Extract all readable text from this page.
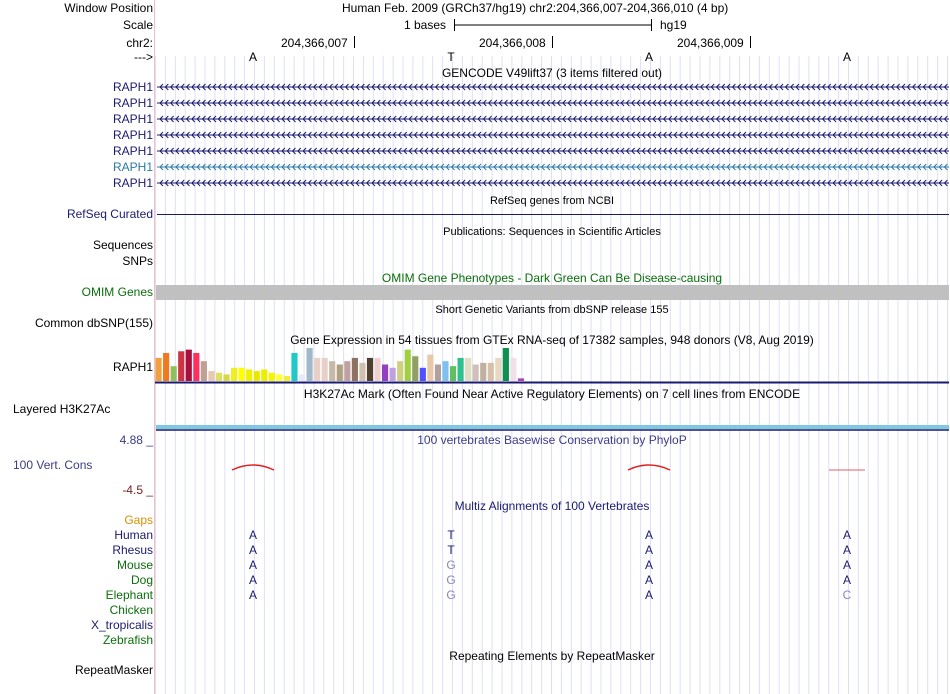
Window Position	Human Feb. 2009 (GRCh37/hg19) chr2:204,366,007-204,366,010 (4 bp)
Scale	1 bases	hg19
chr2:	204,366,007	204,366,008	204,366,009
--->	A	T	A	A
GENCODE V49lift37 (3 items filtered out)
RAPH1
RAPH1
RAPH1
RAPH1
RAPH1
RAPH1
RAPH1
RefSeq genes from NCBI
RefSeq Curated
Publications: Sequences in Scientific Articles
Sequences
SNPs
OMIM Gene Phenotypes - Dark Green Can Be Disease-causing
OMIM Genes
Short Genetic Variants from dbSNP release 155
Common dbSNP(155)
Gene Expression in 54 tissues from GTEx RNA-seq of 17382 samples, 948 donors (V8, Aug 2019)
RAPH1
H3K27Ac Mark (Often Found Near Active Regulatory Elements) on 7 cell lines from ENCODE
Layered H3K27Ac
100 vertebrates Basewise Conservation by PhyloP
4.88 _
100 Vert. Cons
-4.5 _
Multiz Alignments of 100 Vertebrates
Gaps
Human	A	T	A	A
Rhesus	A	T	A	A
Mouse	A	G	A	A
Dog	A	G	A	A
Elephant	A	G	A	C
Chicken
X_tropicalis
Zebrafish
Repeating Elements by RepeatMasker
RepeatMasker
